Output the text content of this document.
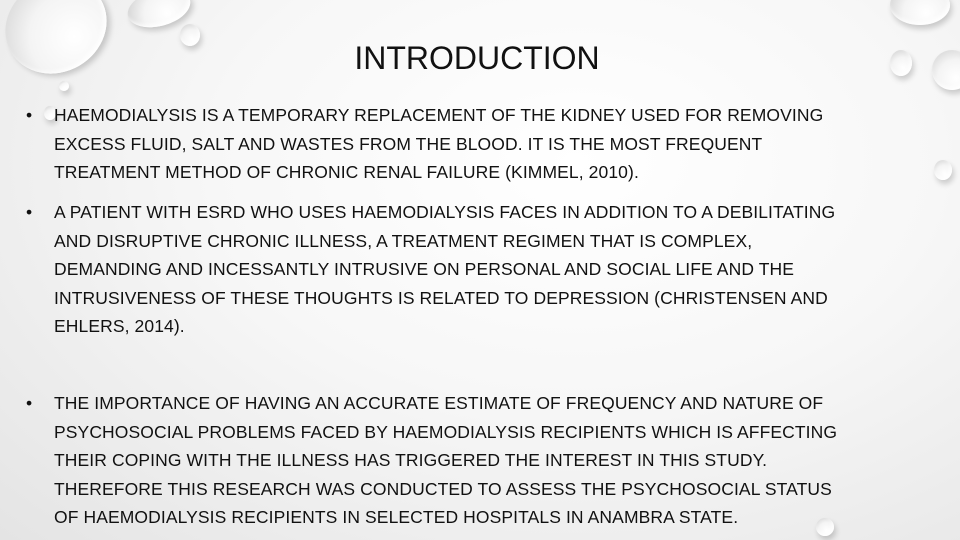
INTRODUCTION
• HAEMODIALYSIS IS A TEMPORARY REPLACEMENT OF THE KIDNEY USED FOR REMOVING
EXCESS FLUID, SALT AND WASTES FROM THE BLOOD. IT IS THE MOST FREQUENT
TREATMENT METHOD OF CHRONIC RENAL FAILURE (KIMMEL, 2010).
• A PATIENT WITH ESRD WHO USES HAEMODIALYSIS FACES IN ADDITION TO A DEBILITATING
AND DISRUPTIVE CHRONIC ILLNESS, A TREATMENT REGIMEN THAT IS COMPLEX,
DEMANDING AND INCESSANTLY INTRUSIVE ON PERSONAL AND SOCIAL LIFE AND THE
INTRUSIVENESS OF THESE THOUGHTS IS RELATED TO DEPRESSION (CHRISTENSEN AND
EHLERS, 2014).
• THE IMPORTANCE OF HAVING AN ACCURATE ESTIMATE OF FREQUENCY AND NATURE OF
PSYCHOSOCIAL PROBLEMS FACED BY HAEMODIALYSIS RECIPIENTS WHICH IS AFFECTING
THEIR COPING WITH THE ILLNESS HAS TRIGGERED THE INTEREST IN THIS STUDY.
THEREFORE THIS RESEARCH WAS CONDUCTED TO ASSESS THE PSYCHOSOCIAL STATUS
OF HAEMODIALYSIS RECIPIENTS IN SELECTED HOSPITALS IN ANAMBRA STATE.
